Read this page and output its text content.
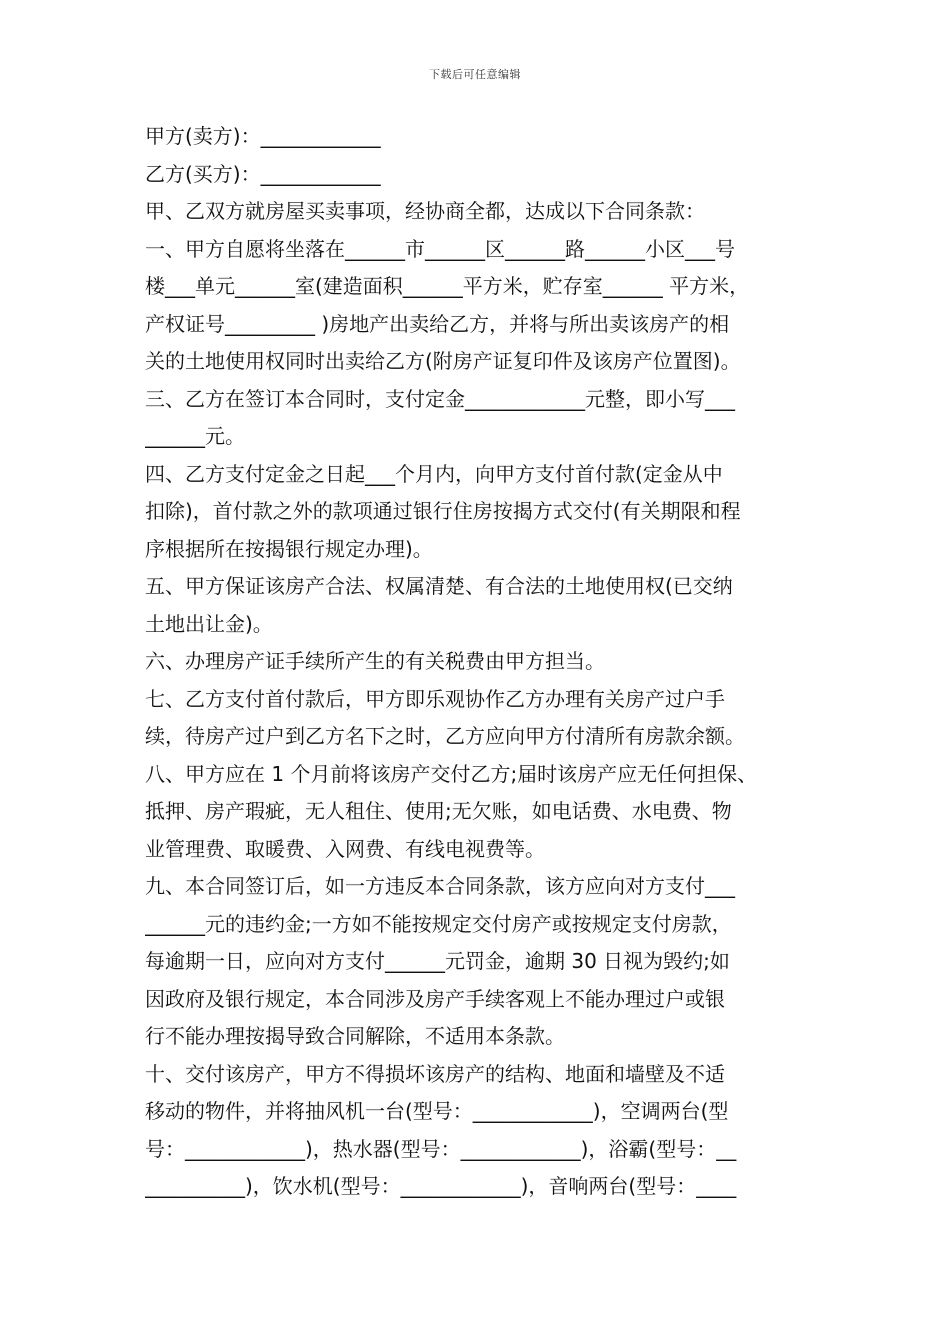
下载后可任意编辑
甲方(卖方)：____________
乙方(买方)：____________
甲、乙双方就房屋买卖事项，经协商全都，达成以下合同条款：
一、甲方自愿将坐落在______市______区______路______小区___号
楼___单元______室(建造面积______平方米，贮存室______ 平方米，
产权证号_________ )房地产出卖给乙方，并将与所出卖该房产的相
关的土地使用权同时出卖给乙方(附房产证复印件及该房产位置图)。
三、乙方在签订本合同时，支付定金____________元整，即小写___
______元。
四、乙方支付定金之日起___个月内，向甲方支付首付款(定金从中
扣除)，首付款之外的款项通过银行住房按揭方式交付(有关期限和程
序根据所在按揭银行规定办理)。
五、甲方保证该房产合法、权属清楚、有合法的土地使用权(已交纳
土地出让金)。
六、办理房产证手续所产生的有关税费由甲方担当。
七、乙方支付首付款后，甲方即乐观协作乙方办理有关房产过户手
续，待房产过户到乙方名下之时，乙方应向甲方付清所有房款余额。
八、甲方应在 1 个月前将该房产交付乙方;届时该房产应无任何担保、
抵押、房产瑕疵，无人租住、使用;无欠账，如电话费、水电费、物
业管理费、取暖费、入网费、有线电视费等。
九、本合同签订后，如一方违反本合同条款，该方应向对方支付___
______元的违约金;一方如不能按规定交付房产或按规定支付房款，
每逾期一日，应向对方支付______元罚金，逾期 30 日视为毁约;如
因政府及银行规定，本合同涉及房产手续客观上不能办理过户或银
行不能办理按揭导致合同解除，不适用本条款。
十、交付该房产，甲方不得损坏该房产的结构、地面和墙壁及不适
移动的物件，并将抽风机一台(型号：____________)，空调两台(型
号：____________)，热水器(型号：____________)，浴霸(型号：__
__________)，饮水机(型号：____________)，音响两台(型号：____
